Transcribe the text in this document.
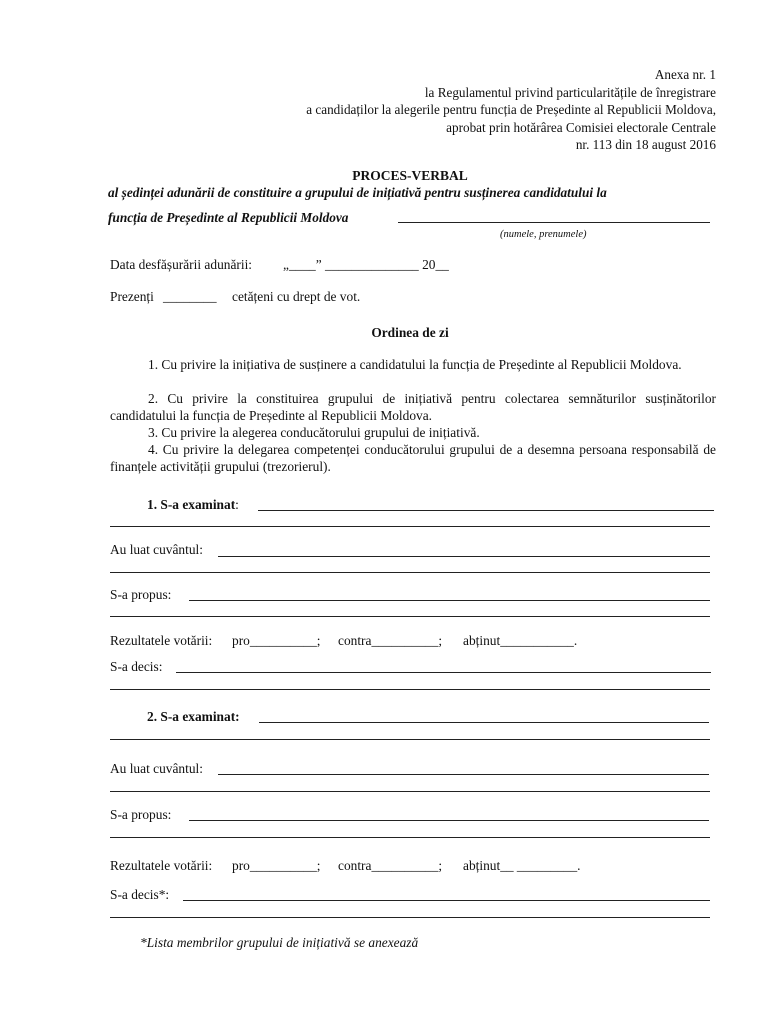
Anexa nr. 1
la Regulamentul privind particularitățile de înregistrare
a candidaților la alegerile pentru funcția de Președinte al Republicii Moldova,
aprobat prin hotărârea Comisiei electorale Centrale
nr. 113 din 18 august 2016
PROCES-VERBAL
al ședinței adunării de constituire a grupului de inițiativă pentru susținerea candidatului la
funcția de Președinte al Republicii Moldova
(numele, prenumele)
Data desfășurării adunării: „____” ______________ 20__
Prezenți ________ cetățeni cu drept de vot.
Ordinea de zi
1. Cu privire la inițiativa de susținere a candidatului la funcția de Președinte al Republicii Moldova.
2. Cu privire la constituirea grupului de inițiativă pentru colectarea semnăturilor susținătorilor candidatului la funcția de Președinte al Republicii Moldova.
3. Cu privire la alegerea conducătorului grupului de inițiativă.
4. Cu privire la delegarea competenței conducătorului grupului de a desemna persoana responsabilă de finanțele activității grupului (trezorierul).
1. S-a examinat:
Au luat cuvântul:
S-a propus:
Rezultatele votării: pro__________; contra__________; abținut___________.
S-a decis:
2. S-a examinat:
Au luat cuvântul:
S-a propus:
Rezultatele votării: pro__________; contra__________; abținut__ _________.
S-a decis*:
*Lista membrilor grupului de inițiativă se anexează
